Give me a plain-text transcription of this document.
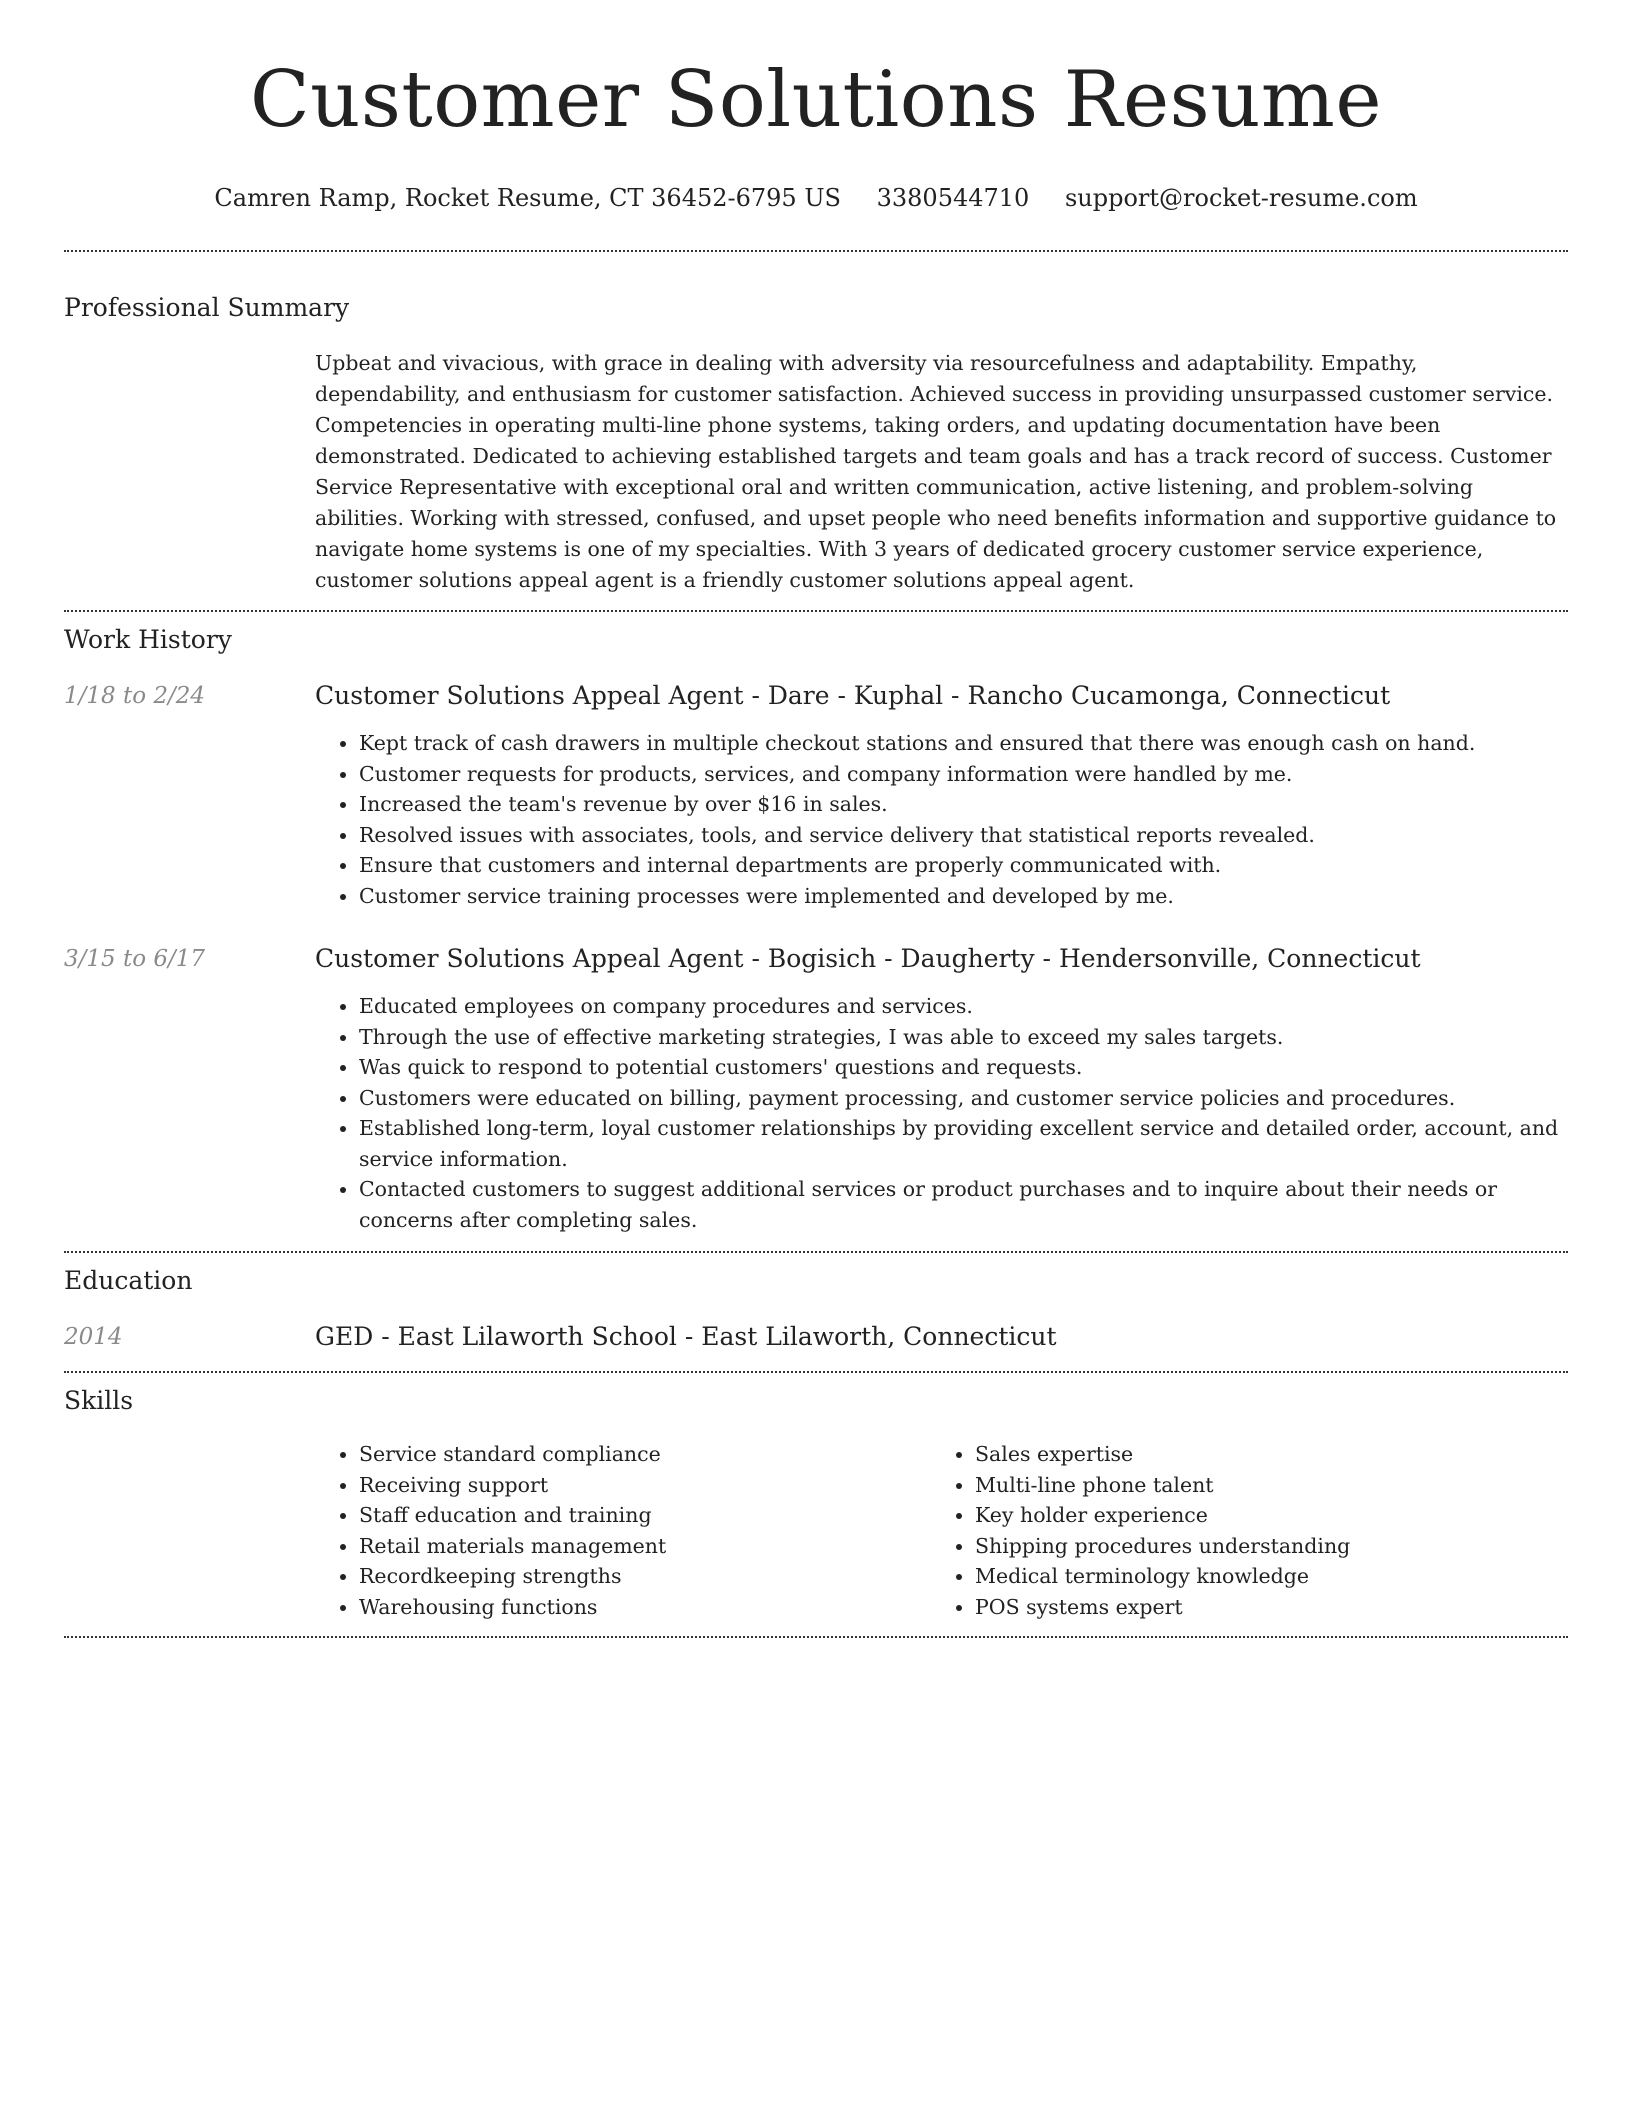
Customer Solutions Resume
Camren Ramp, Rocket Resume, CT 36452-6795 US 3380544710 support@rocket-resume.com
Professional Summary

Upbeat and vivacious, with grace in dealing with adversity via resourcefulness and adaptability. Empathy, dependability, and enthusiasm for customer satisfaction. Achieved success in providing unsurpassed customer service. Competencies in operating multi-line phone systems, taking orders, and updating documentation have been demonstrated. Dedicated to achieving established targets and team goals and has a track record of success. Customer Service Representative with exceptional oral and written communication, active listening, and problem-solving abilities. Working with stressed, confused, and upset people who need benefits information and supportive guidance to navigate home systems is one of my specialties. With 3 years of dedicated grocery customer service experience, customer solutions appeal agent is a friendly customer solutions appeal agent.

Work History
1/18 to 2/24	Customer Solutions Appeal Agent - Dare - Kuphal - Rancho Cucamonga, Connecticut
• Kept track of cash drawers in multiple checkout stations and ensured that there was enough cash on hand.
• Customer requests for products, services, and company information were handled by me.
• Increased the team's revenue by over $16 in sales.
• Resolved issues with associates, tools, and service delivery that statistical reports revealed.
• Ensure that customers and internal departments are properly communicated with.
• Customer service training processes were implemented and developed by me.
3/15 to 6/17	Customer Solutions Appeal Agent - Bogisich - Daugherty - Hendersonville, Connecticut
• Educated employees on company procedures and services.
• Through the use of effective marketing strategies, I was able to exceed my sales targets.
• Was quick to respond to potential customers' questions and requests.
• Customers were educated on billing, payment processing, and customer service policies and procedures.
• Established long-term, loyal customer relationships by providing excellent service and detailed order, account, and service information.
• Contacted customers to suggest additional services or product purchases and to inquire about their needs or concerns after completing sales.
Education
2014	GED - East Lilaworth School - East Lilaworth, Connecticut
Skills
• Service standard compliance
• Receiving support
• Staff education and training
• Retail materials management
• Recordkeeping strengths
• Warehousing functions
• Sales expertise
• Multi-line phone talent
• Key holder experience
• Shipping procedures understanding
• Medical terminology knowledge
• POS systems expert
